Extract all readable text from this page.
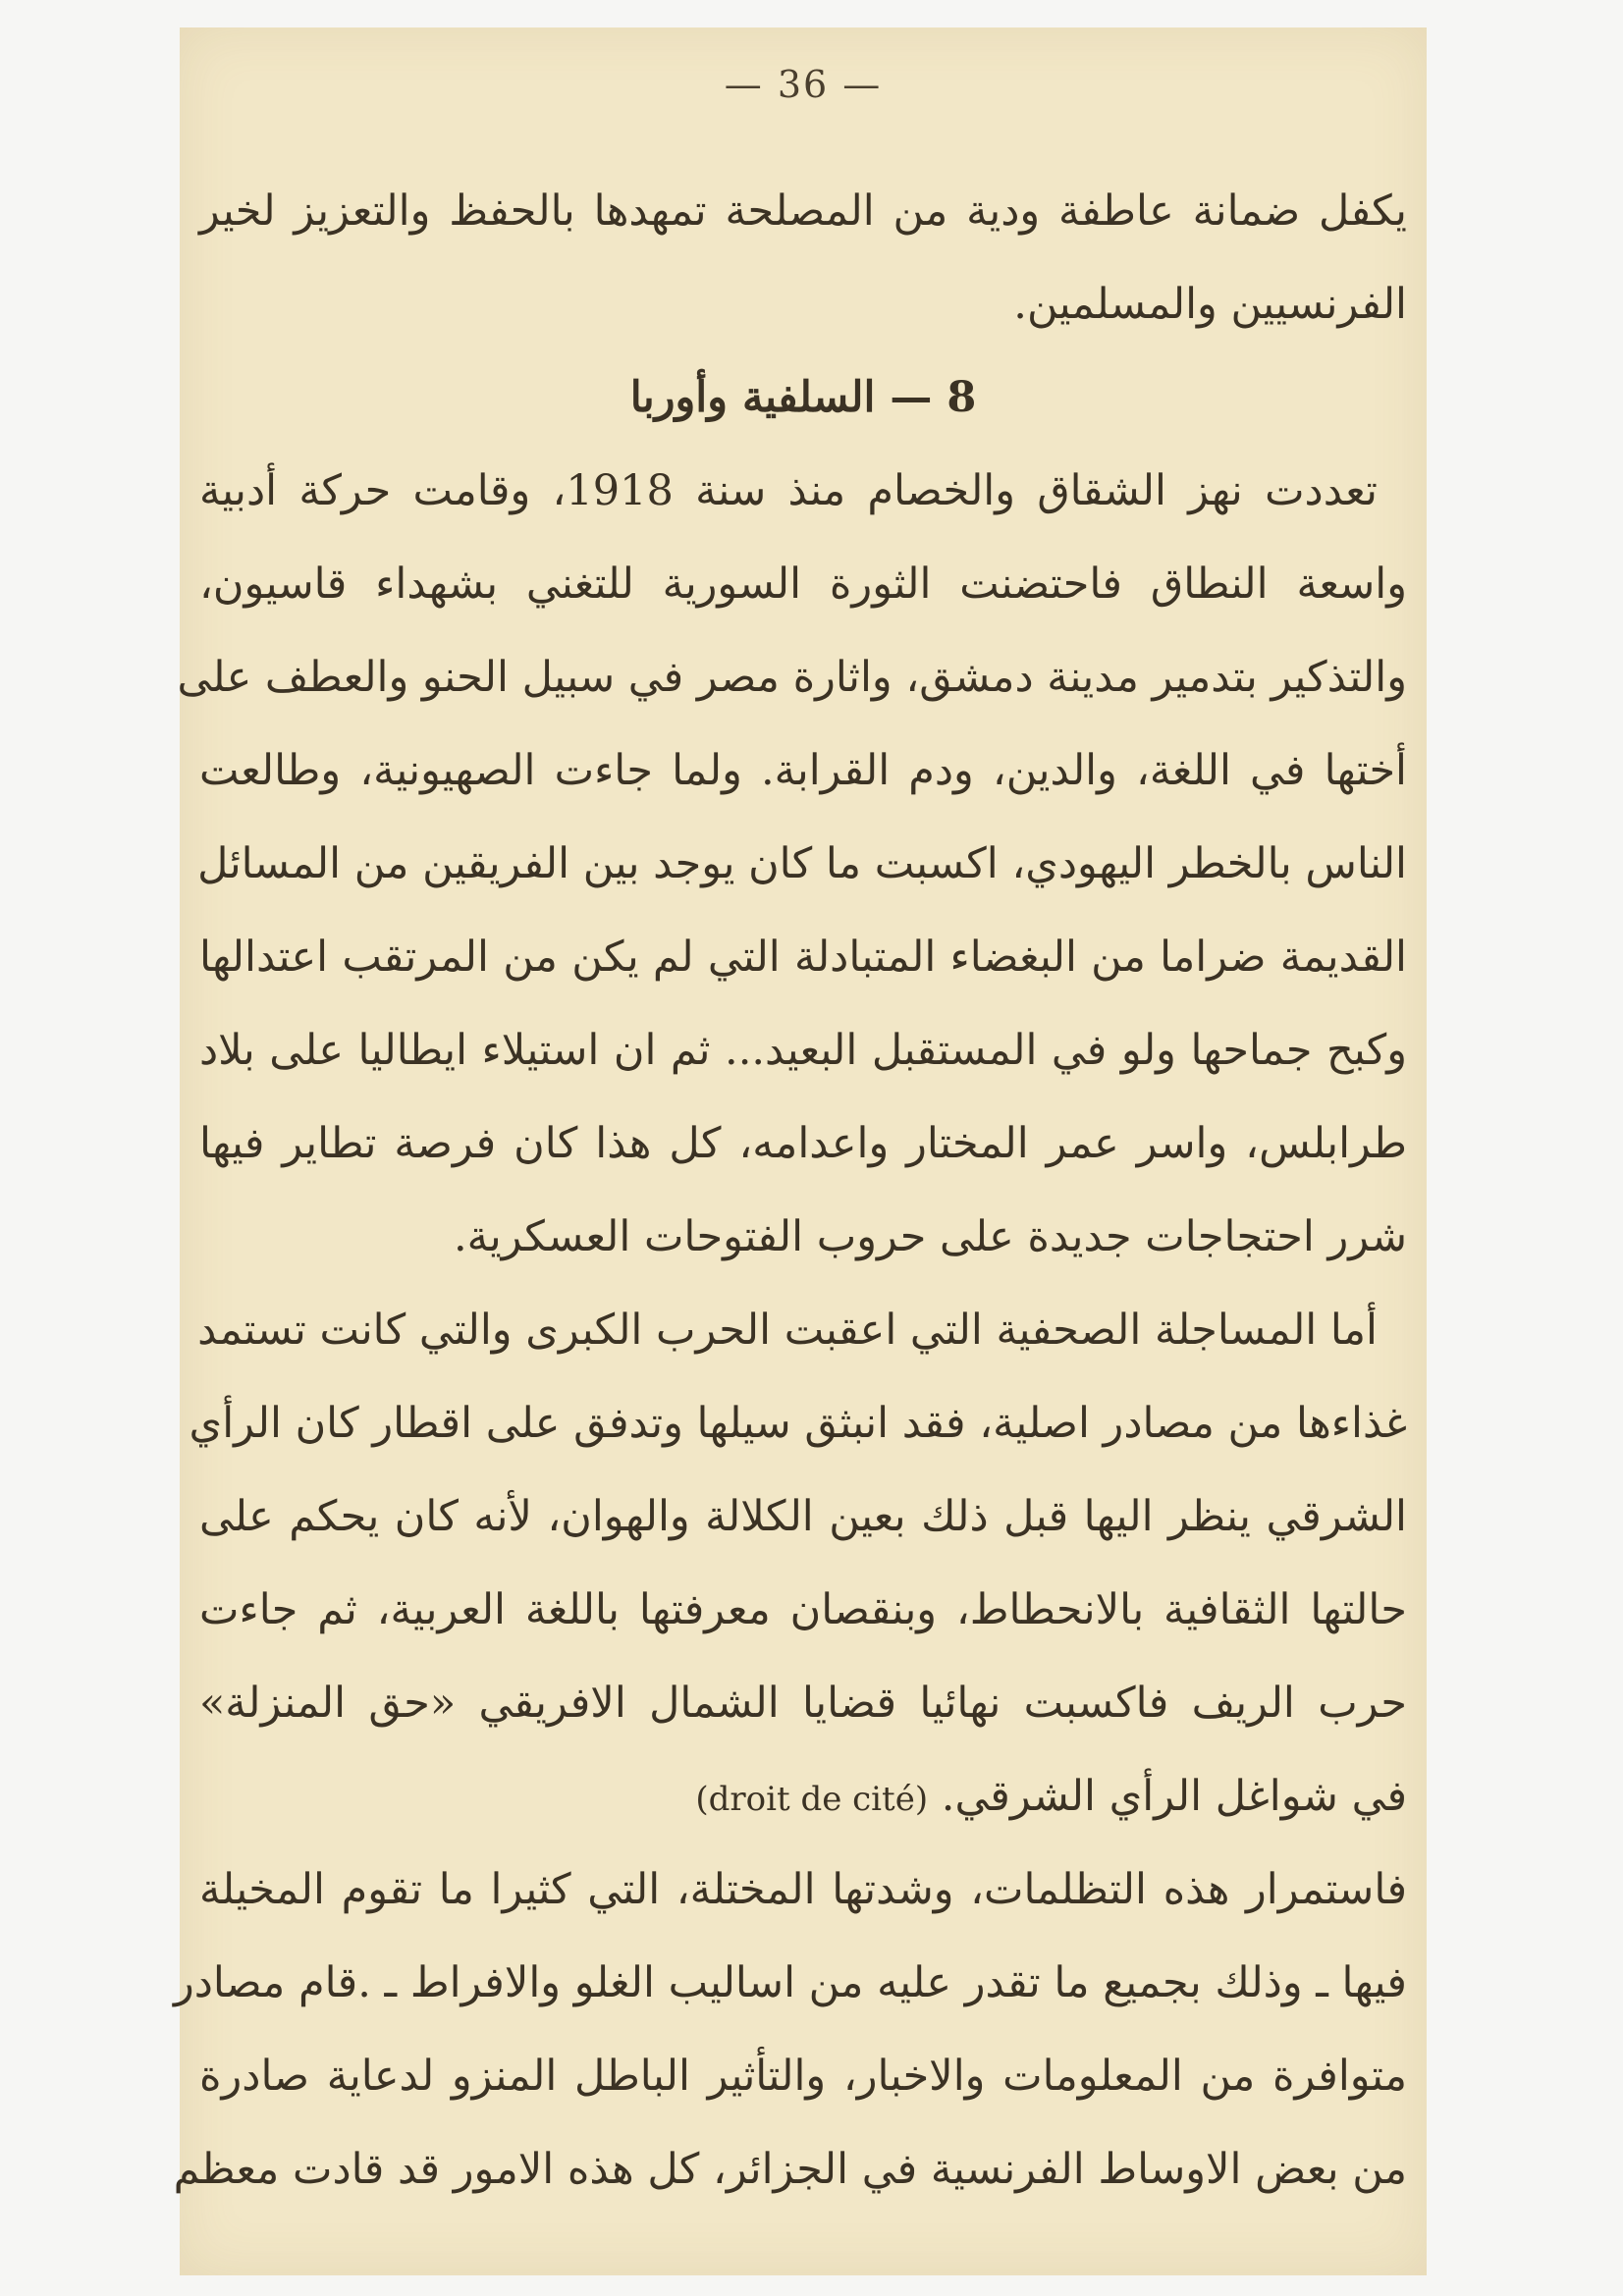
— 36 —
يكفل ضمانة عاطفة ودية من المصلحة تمهدها بالحفظ والتعزيز لخير
الفرنسيين والمسلمين.
8 — السلفية وأوربا
تعددت نهز الشقاق والخصام منذ سنة 1918، وقامت حركة أدبية
واسعة النطاق فاحتضنت الثورة السورية للتغني بشهداء قاسيون،
والتذكير بتدمير مدينة دمشق، واثارة مصر في سبيل الحنو والعطف على
أختها في اللغة، والدين، ودم القرابة. ولما جاءت الصهيونية، وطالعت
الناس بالخطر اليهودي، اكسبت ما كان يوجد بين الفريقين من المسائل
القديمة ضراما من البغضاء المتبادلة التي لم يكن من المرتقب اعتدالها
وكبح جماحها ولو في المستقبل البعيد... ثم ان استيلاء ايطاليا على بلاد
طرابلس، واسر عمر المختار واعدامه، كل هذا كان فرصة تطاير فيها
شرر احتجاجات جديدة على حروب الفتوحات العسكرية.
أما المساجلة الصحفية التي اعقبت الحرب الكبرى والتي كانت تستمد
غذاءها من مصادر اصلية، فقد انبثق سيلها وتدفق على اقطار كان الرأي
الشرقي ينظر اليها قبل ذلك بعين الكلالة والهوان، لأنه كان يحكم على
حالتها الثقافية بالانحطاط، وبنقصان معرفتها باللغة العربية، ثم جاءت
حرب الريف فاكسبت نهائيا قضايا الشمال الافريقي «حق المنزلة»
في شواغل الرأي الشرقي. (droit de cité)
فاستمرار هذه التظلمات، وشدتها المختلة، التي كثيرا ما تقوم المخيلة
فيها ـ وذلك بجميع ما تقدر عليه من اساليب الغلو والافراط ـ .قام مصادر
متوافرة من المعلومات والاخبار، والتأثير الباطل المنزو لدعاية صادرة
من بعض الاوساط الفرنسية في الجزائر، كل هذه الامور قد قادت معظم
